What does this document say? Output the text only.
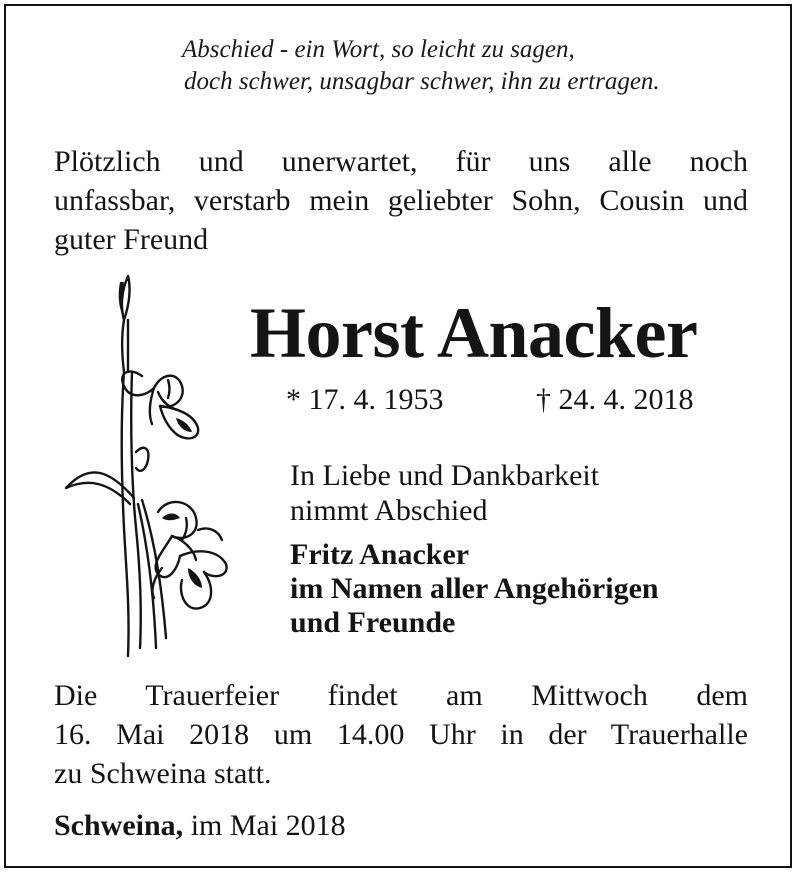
Abschied - ein Wort, so leicht zu sagen,
doch schwer, unsagbar schwer, ihn zu ertragen.
Plötzlich und unerwartet, für uns alle noch
unfassbar, verstarb mein geliebter Sohn, Cousin und
guter Freund
Horst Anacker
* 17. 4. 1953	† 24. 4. 2018
In Liebe und Dankbarkeit
nimmt Abschied
Fritz Anacker
im Namen aller Angehörigen
und Freunde
Die Trauerfeier findet am Mittwoch dem
16. Mai 2018 um 14.00 Uhr in der Trauerhalle
zu Schweina statt.
Schweina, im Mai 2018
